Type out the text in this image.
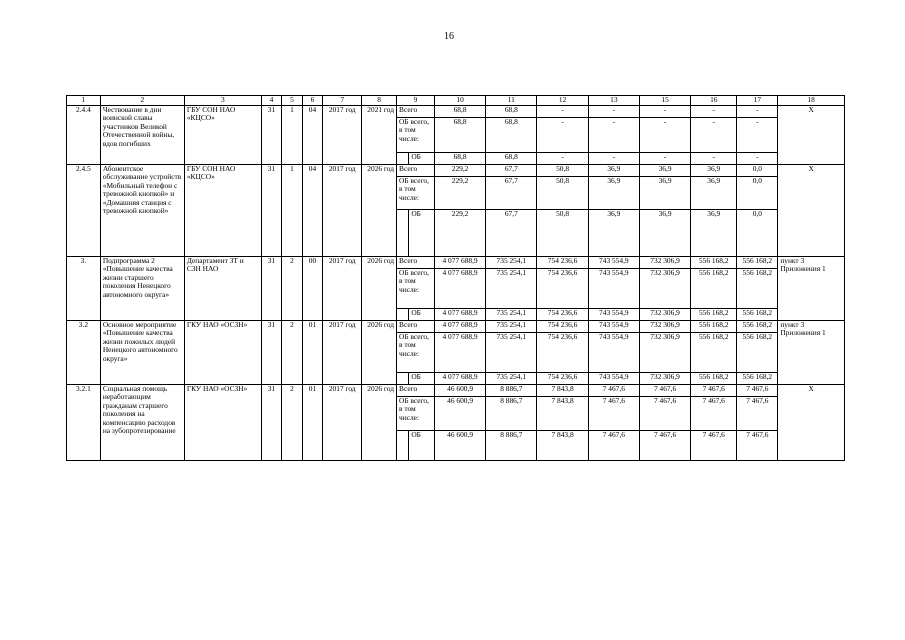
16
1	2	3	4	5	6	7	8	9		10	11	12	13	15	16	17	18
2.4.4	Чествование в дни воинской славы участников Великой Отечественной войны, вдов погибших	ГБУ СОН НАО «КЦСО»	31	1	04	2017 год	2021 год	Всего		68,8	68,8	-	-	-	-	-	X
								ОБ всего, в том числе:		68,8	68,8	-	-	-	-	-	
									ОБ	68,8	68,8	-	-	-	-	-	
2.4.5	Абонентское обслуживание устройств «Мобильный телефон с тревожной кнопкой» и «Домашняя станция с тревожной кнопкой»	ГБУ СОН НАО «КЦСО»	31	1	04	2017 год	2026 год	Всего		229,2	67,7	50,8	36,9	36,9	36,9	0,0	X
								ОБ всего, в том числе:		229,2	67,7	50,8	36,9	36,9	36,9	0,0	
									ОБ	229,2	67,7	50,8	36,9	36,9	36,9	0,0	
3.	Подпрограмма 2 «Повышение качества жизни старшего поколения Ненецкого автономного округа»	Департамент ЗТ и СЗН НАО	31	2	00	2017 год	2026 год	Всего		4 077 688,9	735 254,1	754 236,6	743 554,9	732 306,9	556 168,2	556 168,2	пункт 3 Приложения 1
								ОБ всего, в том числе:		4 077 688,9	735 254,1	754 236,6	743 554,9	732 306,9	556 168,2	556 168,2	
									ОБ	4 077 688,9	735 254,1	754 236,6	743 554,9	732 306,9	556 168,2	556 168,2	
3.2	Основное мероприятие «Повышение качества жизни пожилых людей Ненецкого автономного округа»	ГКУ НАО «ОСЗН»	31	2	01	2017 год	2026 год	Всего		4 077 688,9	735 254,1	754 236,6	743 554,9	732 306,9	556 168,2	556 168,2	пункт 3 Приложения 1
								ОБ всего, в том числе:		4 077 688,9	735 254,1	754 236,6	743 554,9	732 306,9	556 168,2	556 168,2	
									ОБ	4 077 688,9	735 254,1	754 236,6	743 554,9	732 306,9	556 168,2	556 168,2	
3.2.1	Социальная помощь неработающим гражданам старшего поколения на компенсацию расходов на зубопротезирование	ГКУ НАО «ОСЗН»	31	2	01	2017 год	2026 год	Всего		46 600,9	8 886,7	7 843,8	7 467,6	7 467,6	7 467,6	7 467,6	X
								ОБ всего, в том числе:		46 600,9	8 886,7	7 843,8	7 467,6	7 467,6	7 467,6	7 467,6	
									ОБ	46 600,9	8 886,7	7 843,8	7 467,6	7 467,6	7 467,6	7 467,6	
